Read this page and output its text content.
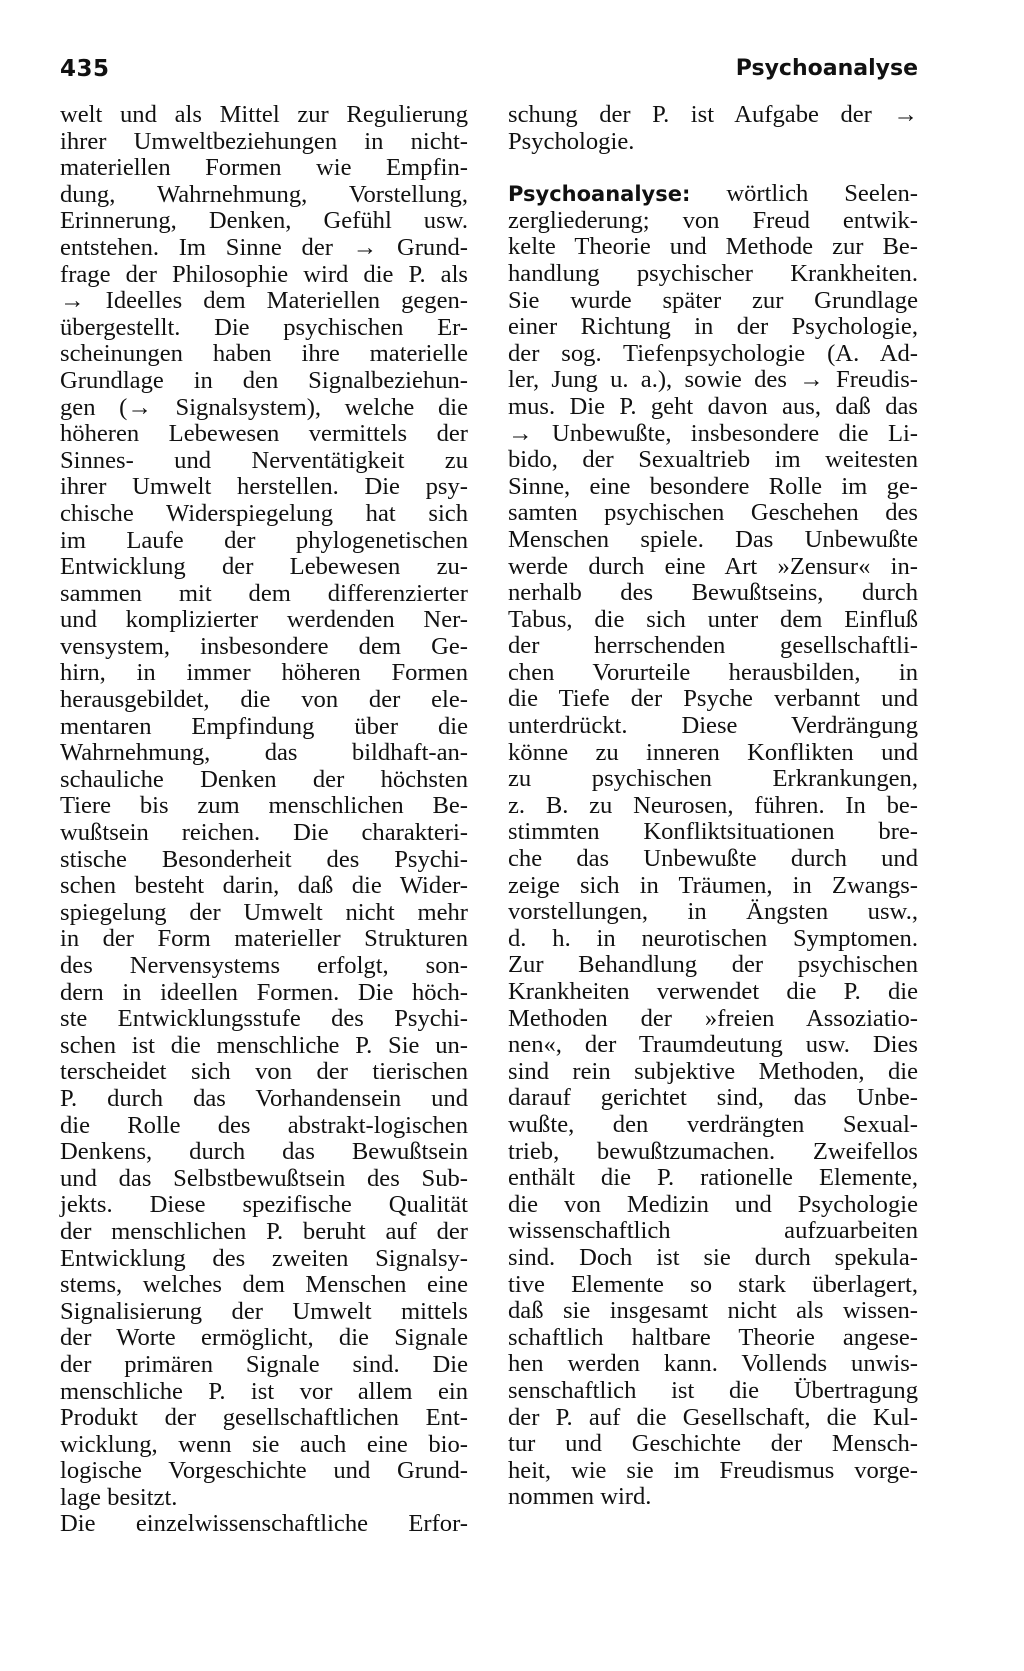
435	Psychoanalyse
welt und als Mittel zur Regulierung
ihrer Umweltbeziehungen in nicht-
materiellen Formen wie Empfin-
dung, Wahrnehmung, Vorstellung,
Erinnerung, Denken, Gefühl usw.
entstehen. Im Sinne der → Grund-
frage der Philosophie wird die P. als
→ Ideelles dem Materiellen gegen-
übergestellt. Die psychischen Er-
scheinungen haben ihre materielle
Grundlage in den Signalbeziehun-
gen (→ Signalsystem), welche die
höheren Lebewesen vermittels der
Sinnes- und Nerventätigkeit zu
ihrer Umwelt herstellen. Die psy-
chische Widerspiegelung hat sich
im Laufe der phylogenetischen
Entwicklung der Lebewesen zu-
sammen mit dem differenzierter
und komplizierter werdenden Ner-
vensystem, insbesondere dem Ge-
hirn, in immer höheren Formen
herausgebildet, die von der ele-
mentaren Empfindung über die
Wahrnehmung, das bildhaft-an-
schauliche Denken der höchsten
Tiere bis zum menschlichen Be-
wußtsein reichen. Die charakteri-
stische Besonderheit des Psychi-
schen besteht darin, daß die Wider-
spiegelung der Umwelt nicht mehr
in der Form materieller Strukturen
des Nervensystems erfolgt, son-
dern in ideellen Formen. Die höch-
ste Entwicklungsstufe des Psychi-
schen ist die menschliche P. Sie un-
terscheidet sich von der tierischen
P. durch das Vorhandensein und
die Rolle des abstrakt-logischen
Denkens, durch das Bewußtsein
und das Selbstbewußtsein des Sub-
jekts. Diese spezifische Qualität
der menschlichen P. beruht auf der
Entwicklung des zweiten Signalsy-
stems, welches dem Menschen eine
Signalisierung der Umwelt mittels
der Worte ermöglicht, die Signale
der primären Signale sind. Die
menschliche P. ist vor allem ein
Produkt der gesellschaftlichen Ent-
wicklung, wenn sie auch eine bio-
logische Vorgeschichte und Grund-
lage besitzt.
Die einzelwissenschaftliche Erfor-
schung der P. ist Aufgabe der →
Psychologie.
Psychoanalyse: wörtlich Seelen-
zergliederung; von Freud entwik-
kelte Theorie und Methode zur Be-
handlung psychischer Krankheiten.
Sie wurde später zur Grundlage
einer Richtung in der Psychologie,
der sog. Tiefenpsychologie (A. Ad-
ler, Jung u. a.), sowie des → Freudis-
mus. Die P. geht davon aus, daß das
→ Unbewußte, insbesondere die Li-
bido, der Sexualtrieb im weitesten
Sinne, eine besondere Rolle im ge-
samten psychischen Geschehen des
Menschen spiele. Das Unbewußte
werde durch eine Art »Zensur« in-
nerhalb des Bewußtseins, durch
Tabus, die sich unter dem Einfluß
der herrschenden gesellschaftli-
chen Vorurteile herausbilden, in
die Tiefe der Psyche verbannt und
unterdrückt. Diese Verdrängung
könne zu inneren Konflikten und
zu psychischen Erkrankungen,
z. B. zu Neurosen, führen. In be-
stimmten Konfliktsituationen bre-
che das Unbewußte durch und
zeige sich in Träumen, in Zwangs-
vorstellungen, in Ängsten usw.,
d. h. in neurotischen Symptomen.
Zur Behandlung der psychischen
Krankheiten verwendet die P. die
Methoden der »freien Assoziatio-
nen«, der Traumdeutung usw. Dies
sind rein subjektive Methoden, die
darauf gerichtet sind, das Unbe-
wußte, den verdrängten Sexual-
trieb, bewußtzumachen. Zweifellos
enthält die P. rationelle Elemente,
die von Medizin und Psychologie
wissenschaftlich aufzuarbeiten
sind. Doch ist sie durch spekula-
tive Elemente so stark überlagert,
daß sie insgesamt nicht als wissen-
schaftlich haltbare Theorie angese-
hen werden kann. Vollends unwis-
senschaftlich ist die Übertragung
der P. auf die Gesellschaft, die Kul-
tur und Geschichte der Mensch-
heit, wie sie im Freudismus vorge-
nommen wird.
